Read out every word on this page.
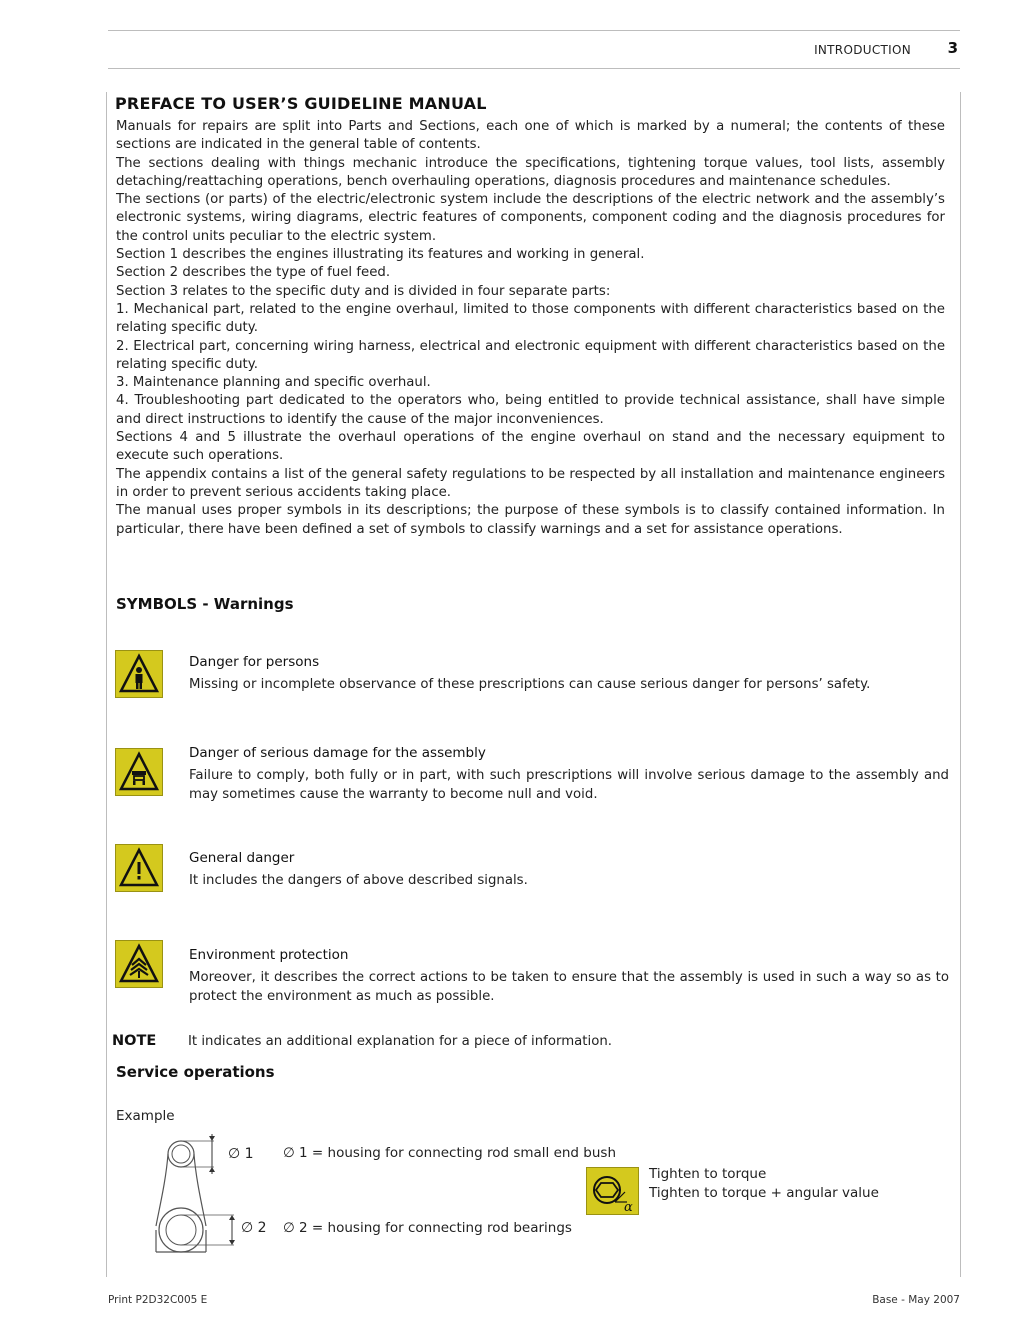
INTRODUCTION 3
PREFACE TO USER’S GUIDELINE MANUAL

Manuals for repairs are split into Parts and Sections, each one of which is marked by a numeral; the contents of these sections are indicated in the general table of contents.

The sections dealing with things mechanic introduce the specifications, tightening torque values, tool lists, assembly detaching/reattaching operations, bench overhauling operations, diagnosis procedures and maintenance schedules.

The sections (or parts) of the electric/electronic system include the descriptions of the electric network and the assembly’s electronic systems, wiring diagrams, electric features of components, component coding and the diagnosis procedures for the control units peculiar to the electric system.

Section 1 describes the engines illustrating its features and working in general.

Section 2 describes the type of fuel feed.

Section 3 relates to the specific duty and is divided in four separate parts:

1. Mechanical part, related to the engine overhaul, limited to those components with different characteristics based on the relating specific duty.

2. Electrical part, concerning wiring harness, electrical and electronic equipment with different characteristics based on the relating specific duty.

3. Maintenance planning and specific overhaul.

4. Troubleshooting part dedicated to the operators who, being entitled to provide technical assistance, shall have simple and direct instructions to identify the cause of the major inconveniences.

Sections 4 and 5 illustrate the overhaul operations of the engine overhaul on stand and the necessary equipment to execute such operations.

The appendix contains a list of the general safety regulations to be respected by all installation and maintenance engineers in order to prevent serious accidents taking place.

The manual uses proper symbols in its descriptions; the purpose of these symbols is to classify contained information. In particular, there have been defined a set of symbols to classify warnings and a set for assistance operations.

SYMBOLS - Warnings
Danger for persons
Missing or incomplete observance of these prescriptions can cause serious danger for persons’ safety.
Danger of serious damage for the assembly
Failure to comply, both fully or in part, with such prescriptions will involve serious damage to the assembly and may sometimes cause the warranty to become null and void.
General danger
It includes the dangers of above described signals.
Environment protection
Moreover, it describes the correct actions to be taken to ensure that the assembly is used in such a way so as to protect the environment as much as possible.
NOTE It indicates an additional explanation for a piece of information.
Service operations
Example
∅ 1
∅ 2
∅ 1 = housing for connecting rod small end bush
∅ 2 = housing for connecting rod bearings
α
Tighten to torque
Tighten to torque + angular value
Print P2D32C005 E	Base - May 2007
